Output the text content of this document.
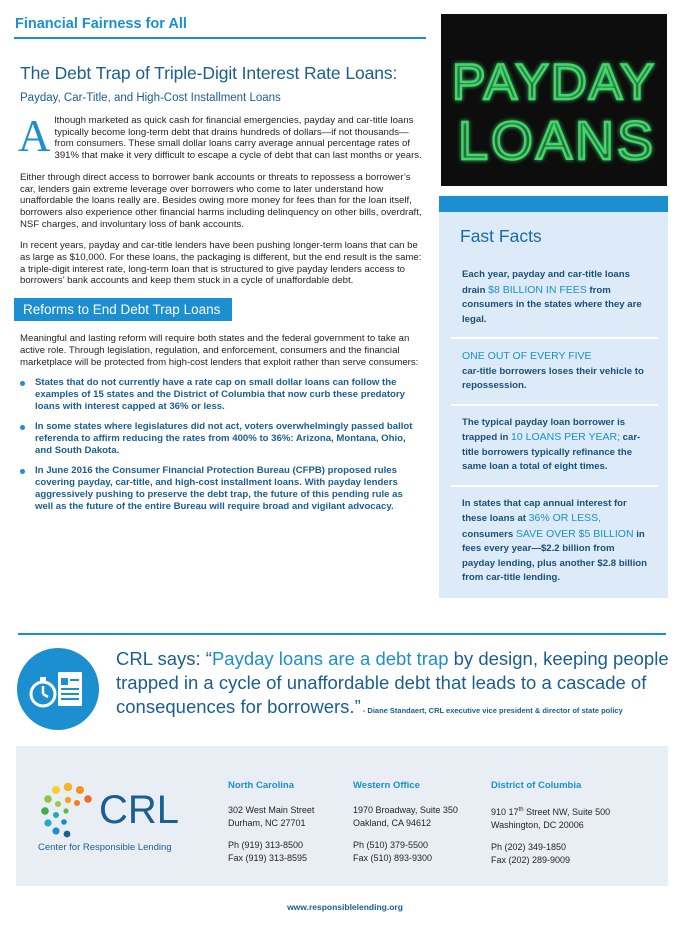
Financial Fairness for All
PAYDAY
LOANS
The Debt Trap of Triple-Digit Interest Rate Loans:
Payday, Car-Title, and High-Cost Installment Loans
A lthough marketed as quick cash for financial emergencies, payday and car-title loans typically become long-term debt that drains hundreds of dollars—if not thousands—from consumers. These small dollar loans carry average annual percentage rates of 391% that make it very difficult to escape a cycle of debt that can last months or years.
Either through direct access to borrower bank accounts or threats to repossess a borrower’s car, lenders gain extreme leverage over borrowers who come to later understand how unaffordable the loans really are. Besides owing more money for fees than for the loan itself, borrowers also experience other financial harms including delinquency on other bills, overdraft, NSF charges, and involuntary loss of bank accounts.
In recent years, payday and car-title lenders have been pushing longer-term loans that can be as large as $10,000. For these loans, the packaging is different, but the end result is the same: a triple-digit interest rate, long-term loan that is structured to give payday lenders access to borrowers’ bank accounts and keep them stuck in a cycle of unaffordable debt.
Reforms to End Debt Trap Loans
Meaningful and lasting reform will require both states and the federal government to take an active role. Through legislation, regulation, and enforcement, consumers and the financial marketplace will be protected from high-cost lenders that exploit rather than serve consumers:
States that do not currently have a rate cap on small dollar loans can follow the examples of 15 states and the District of Columbia that now curb these predatory loans with interest capped at 36% or less.
In some states where legislatures did not act, voters overwhelmingly passed ballot referenda to affirm reducing the rates from 400% to 36%: Arizona, Montana, Ohio, and South Dakota.
In June 2016 the Consumer Financial Protection Bureau (CFPB) proposed rules covering payday, car-title, and high-cost installment loans. With payday lenders aggressively pushing to preserve the debt trap, the future of this pending rule as well as the future of the entire Bureau will require broad and vigilant advocacy.
Fast Facts
Each year, payday and car-title loans drain $8 BILLION IN FEES from consumers in the states where they are legal.
ONE OUT OF EVERY FIVE
car-title borrowers loses their vehicle to repossession.
The typical payday loan borrower is trapped in 10 LOANS PER YEAR; car-title borrowers typically refinance the same loan a total of eight times.
In states that cap annual interest for these loans at 36% OR LESS, consumers SAVE OVER $5 BILLION in fees every year—$2.2 billion from payday lending, plus another $2.8 billion from car-title lending.
CRL says: “Payday loans are a debt trap by design, keeping people trapped in a cycle of unaffordable debt that leads to a cascade of consequences for borrowers.” - Diane Standaert, CRL executive vice president & director of state policy
CRL
Center for Responsible Lending
North Carolina
302 West Main Street
Durham, NC 27701
Ph (919) 313-8500
Fax (919) 313-8595
Western Office
1970 Broadway, Suite 350
Oakland, CA 94612
Ph (510) 379-5500
Fax (510) 893-9300
District of Columbia
910 17th Street NW, Suite 500
Washington, DC 20006
Ph (202) 349-1850
Fax (202) 289-9009
www.responsiblelending.org
